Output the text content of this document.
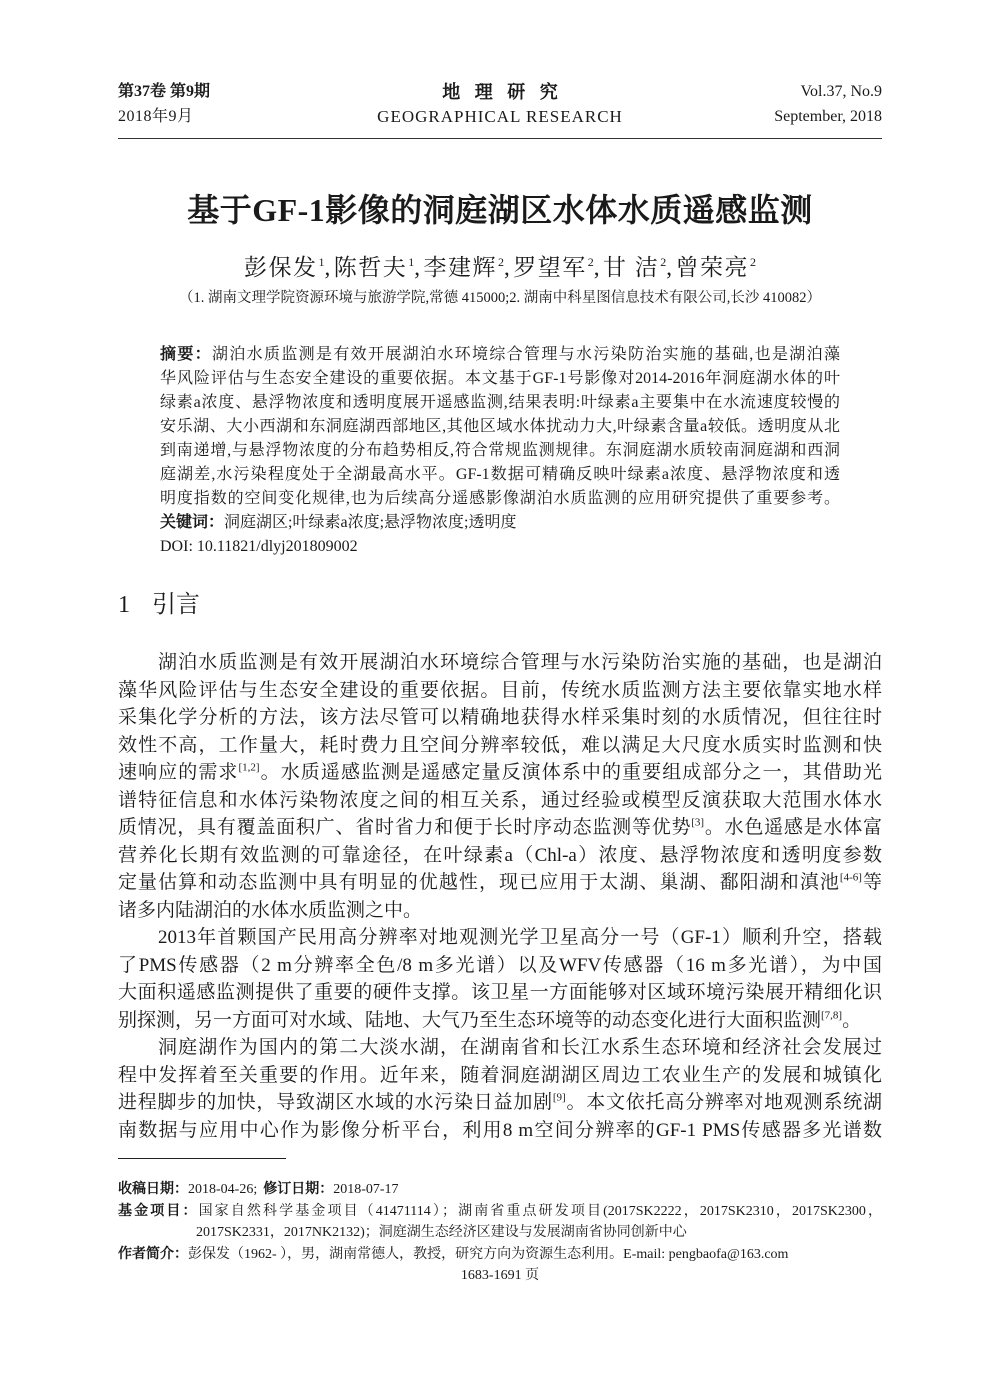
第37卷 第9期
2018年9月
地 理 研 究
GEOGRAPHICAL RESEARCH
Vol.37, No.9
September, 2018
基于GF-1影像的洞庭湖区水体水质遥感监测
彭保发$^1$,陈哲夫$^1$,李建辉$^2$,罗望军$^2$,甘 洁$^2$,曾荣亮$^2$
（1. 湖南文理学院资源环境与旅游学院,常德 415000;2. 湖南中科星图信息技术有限公司,长沙 410082）
摘要：湖泊水质监测是有效开展湖泊水环境综合管理与水污染防治实施的基础,也是湖泊藻
华风险评估与生态安全建设的重要依据。本文基于GF-1号影像对2014-2016年洞庭湖水体的叶
绿素a浓度、悬浮物浓度和透明度展开遥感监测,结果表明:叶绿素a主要集中在水流速度较慢的
安乐湖、大小西湖和东洞庭湖西部地区,其他区域水体扰动力大,叶绿素含量a较低。透明度从北
到南递增,与悬浮物浓度的分布趋势相反,符合常规监测规律。东洞庭湖水质较南洞庭湖和西洞
庭湖差,水污染程度处于全湖最高水平。GF-1数据可精确反映叶绿素a浓度、悬浮物浓度和透
明度指数的空间变化规律,也为后续高分遥感影像湖泊水质监测的应用研究提供了重要参考。
关键词：洞庭湖区;叶绿素a浓度;悬浮物浓度;透明度
DOI: 10.11821/dlyj201809002
1 引言
湖泊水质监测是有效开展湖泊水环境综合管理与水污染防治实施的基础，也是湖泊
藻华风险评估与生态安全建设的重要依据。目前，传统水质监测方法主要依靠实地水样
采集化学分析的方法，该方法尽管可以精确地获得水样采集时刻的水质情况，但往往时
效性不高，工作量大，耗时费力且空间分辨率较低，难以满足大尺度水质实时监测和快
速响应的需求[1,2]。水质遥感监测是遥感定量反演体系中的重要组成部分之一，其借助光
谱特征信息和水体污染物浓度之间的相互关系，通过经验或模型反演获取大范围水体水
质情况，具有覆盖面积广、省时省力和便于长时序动态监测等优势[3]。水色遥感是水体富
营养化长期有效监测的可靠途径，在叶绿素a（Chl-a）浓度、悬浮物浓度和透明度参数
定量估算和动态监测中具有明显的优越性，现已应用于太湖、巢湖、鄱阳湖和滇池[4-6]等
诸多内陆湖泊的水体水质监测之中。
2013年首颗国产民用高分辨率对地观测光学卫星高分一号（GF-1）顺利升空，搭载
了PMS传感器（2 m分辨率全色/8 m多光谱）以及WFV传感器（16 m多光谱），为中国
大面积遥感监测提供了重要的硬件支撑。该卫星一方面能够对区域环境污染展开精细化识
别探测，另一方面可对水域、陆地、大气乃至生态环境等的动态变化进行大面积监测[7,8]。
洞庭湖作为国内的第二大淡水湖，在湖南省和长江水系生态环境和经济社会发展过
程中发挥着至关重要的作用。近年来，随着洞庭湖湖区周边工农业生产的发展和城镇化
进程脚步的加快，导致湖区水域的水污染日益加剧[9]。本文依托高分辨率对地观测系统湖
南数据与应用中心作为影像分析平台，利用8 m空间分辨率的GF-1 PMS传感器多光谱数
收稿日期：2018-04-26; 修订日期：2018-07-17
基金项目：国家自然科学基金项目（41471114）；湖南省重点研发项目(2017SK2222，2017SK2310，2017SK2300，
2017SK2331，2017NK2132)；洞庭湖生态经济区建设与发展湖南省协同创新中心
作者简介：彭保发（1962- ），男，湖南常德人，教授，研究方向为资源生态利用。E-mail: pengbaofa@163.com
1683-1691 页
